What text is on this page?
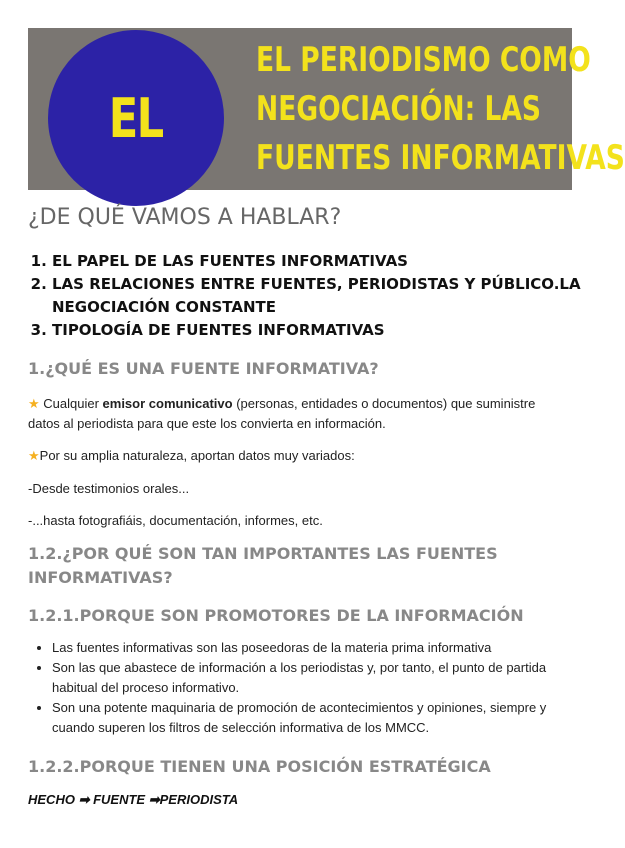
EL
EL PERIODISMO COMO
NEGOCIACIÓN: LAS
FUENTES INFORMATIVAS
¿DE QUÉ VAMOS A HABLAR?
1. EL PAPEL DE LAS FUENTES INFORMATIVAS
2. LAS RELACIONES ENTRE FUENTES, PERIODISTAS Y PÚBLICO.LA NEGOCIACIÓN CONSTANTE
3. TIPOLOGÍA DE FUENTES INFORMATIVAS
1.¿QUÉ ES UNA FUENTE INFORMATIVA?
★ Cualquier emisor comunicativo (personas, entidades o documentos) que suministre datos al periodista para que este los convierta en información.
★Por su amplia naturaleza, aportan datos muy variados:
-Desde testimonios orales...
-...hasta fotografiáis, documentación, informes, etc.
1.2.¿POR QUÉ SON TAN IMPORTANTES LAS FUENTES INFORMATIVAS?
1.2.1.PORQUE SON PROMOTORES DE LA INFORMACIÓN
• Las fuentes informativas son las poseedoras de la materia prima informativa
• Son las que abastece de información a los periodistas y, por tanto, el punto de partida habitual del proceso informativo.
• Son una potente maquinaria de promoción de acontecimientos y opiniones, siempre y cuando superen los filtros de selección informativa de los MMCC.
1.2.2.PORQUE TIENEN UNA POSICIÓN ESTRATÉGICA
HECHO ➡ FUENTE ➡PERIODISTA
